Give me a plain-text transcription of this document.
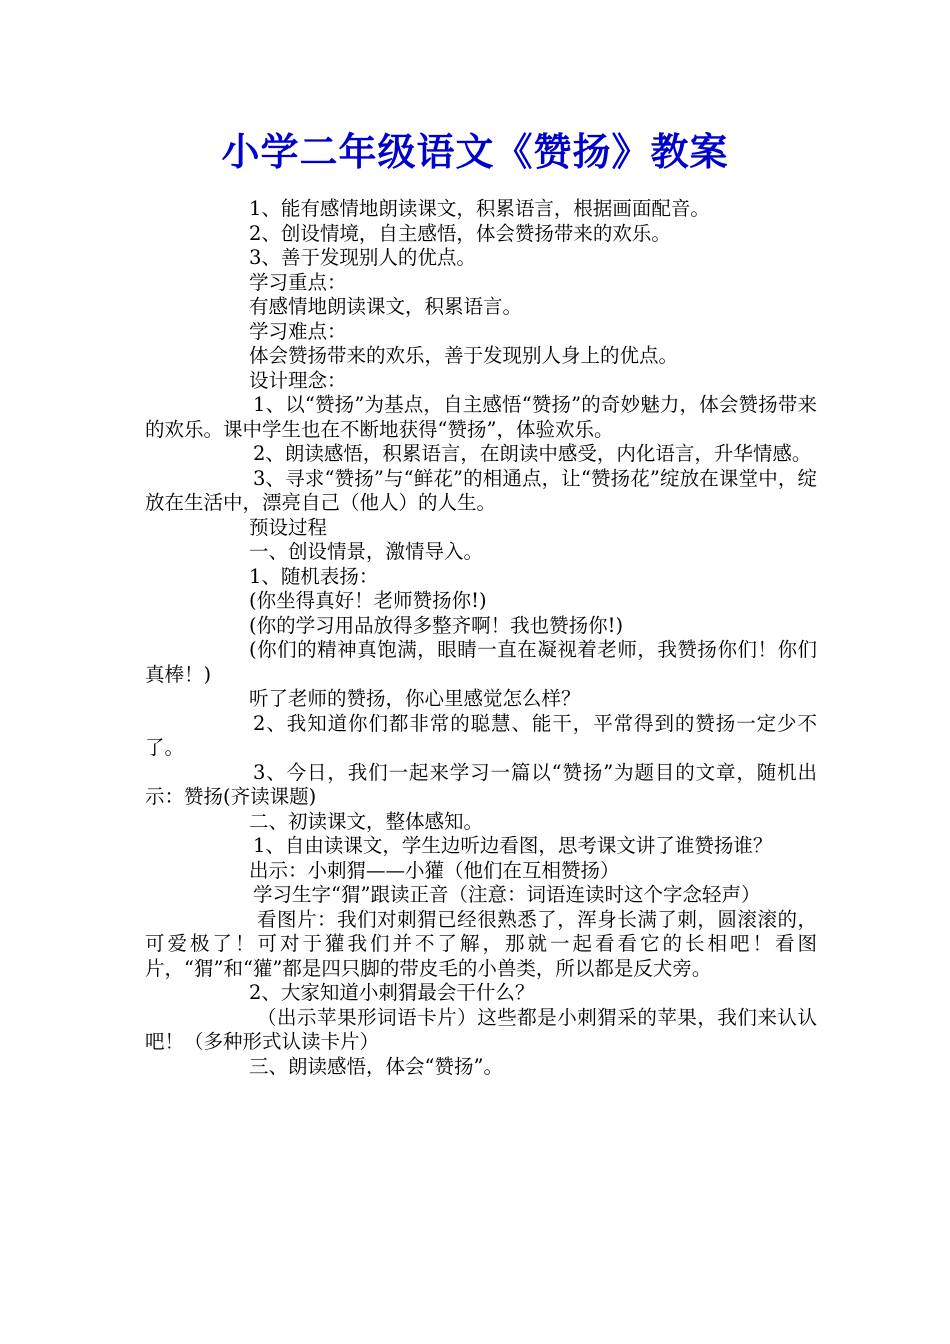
小学二年级语文《赞扬》教案

1、能有感情地朗读课文，积累语言，根据画面配音。

2、创设情境，自主感悟，体会赞扬带来的欢乐。

3、善于发现别人的优点。

学习重点：

有感情地朗读课文，积累语言。

学习难点：

体会赞扬带来的欢乐，善于发现别人身上的优点。

设计理念：

1、以“赞扬”为基点，自主感悟“赞扬”的奇妙魅力，体会赞扬带来的欢乐。课中学生也在不断地获得“赞扬”，体验欢乐。

2、朗读感悟，积累语言，在朗读中感受，内化语言，升华情感。

3、寻求“赞扬”与“鲜花”的相通点，让“赞扬花”绽放在课堂中，绽放在生活中，漂亮自己（他人）的人生。

预设过程

一、创设情景，激情导入。

1、随机表扬：

(你坐得真好！老师赞扬你!)

(你的学习用品放得多整齐啊！我也赞扬你!)

(你们的精神真饱满，眼睛一直在凝视着老师，我赞扬你们！你们真棒！)

听了老师的赞扬，你心里感觉怎么样？

2、我知道你们都非常的聪慧、能干，平常得到的赞扬一定少不了。

3、今日，我们一起来学习一篇以“赞扬”为题目的文章，随机出示：赞扬(齐读课题)

二、初读课文，整体感知。

1、自由读课文，学生边听边看图，思考课文讲了谁赞扬谁？

出示：小刺猬——小獾（他们在互相赞扬）

学习生字“猬”跟读正音（注意：词语连读时这个字念轻声）

看图片：我们对刺猬已经很熟悉了，浑身长满了刺，圆滚滚的，可爱极了！可对于獾我们并不了解，那就一起看看它的长相吧！看图片，“猬”和“獾”都是四只脚的带皮毛的小兽类，所以都是反犬旁。

2、大家知道小刺猬最会干什么？

（出示苹果形词语卡片）这些都是小刺猬采的苹果，我们来认认吧！（多种形式认读卡片）

三、朗读感悟，体会“赞扬”。
